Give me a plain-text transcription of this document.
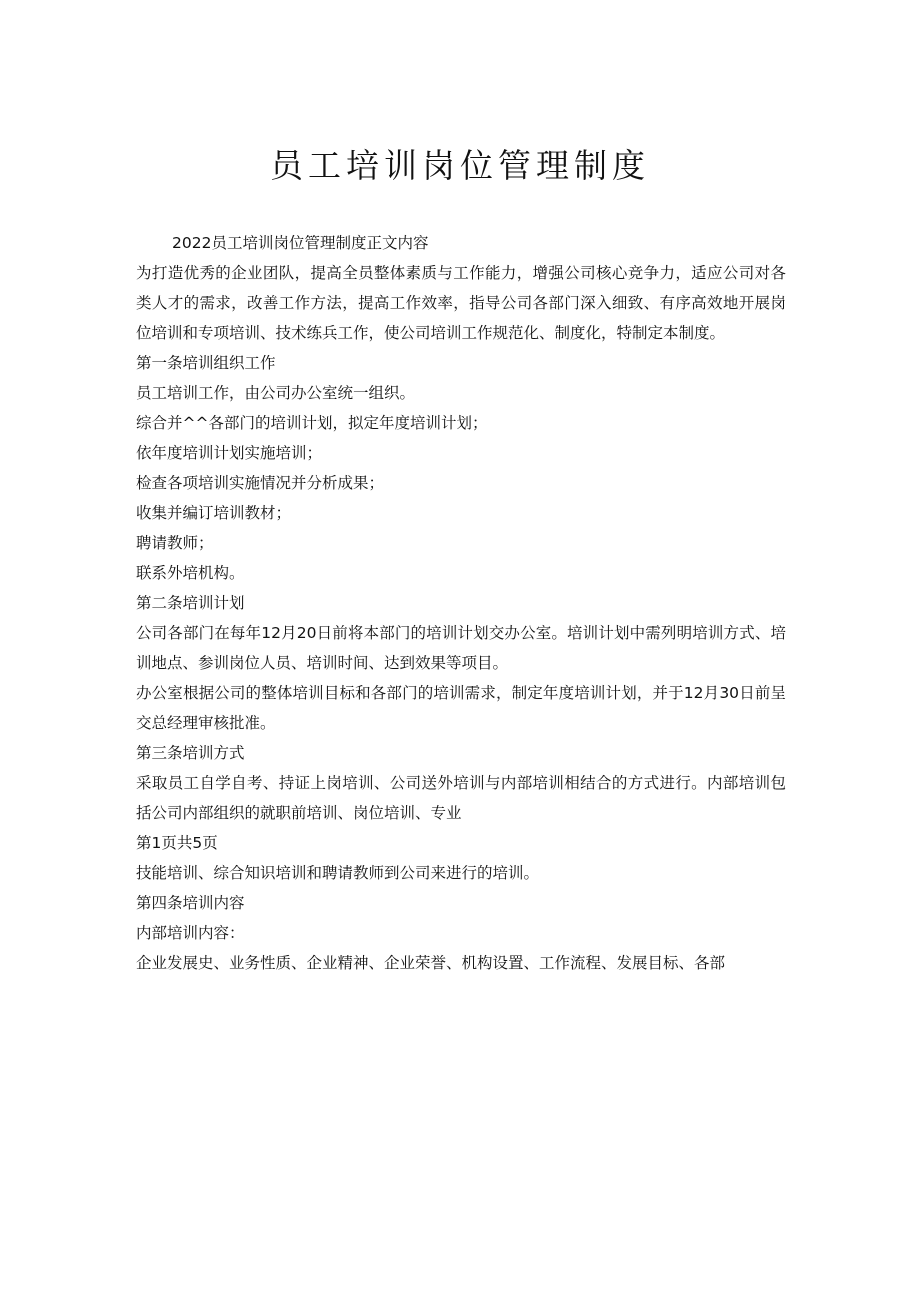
员工培训岗位管理制度

2022员工培训岗位管理制度正文内容

为打造优秀的企业团队，提高全员整体素质与工作能力，增强公司核心竞争力，适应公司对各类人才的需求，改善工作方法，提高工作效率，指导公司各部门深入细致、有序高效地开展岗位培训和专项培训、技术练兵工作，使公司培训工作规范化、制度化，特制定本制度。

第一条培训组织工作

员工培训工作，由公司办公室统一组织。

综合并^^各部门的培训计划，拟定年度培训计划；

依年度培训计划实施培训；

检查各项培训实施情况并分析成果；

收集并编订培训教材；

聘请教师；

联系外培机构。

第二条培训计划

公司各部门在每年12月20日前将本部门的培训计划交办公室。培训计划中需列明培训方式、培训地点、参训岗位人员、培训时间、达到效果等项目。

办公室根据公司的整体培训目标和各部门的培训需求，制定年度培训计划，并于12月30日前呈交总经理审核批准。

第三条培训方式

采取员工自学自考、持证上岗培训、公司送外培训与内部培训相结合的方式进行。内部培训包括公司内部组织的就职前培训、岗位培训、专业

第1页共5页

技能培训、综合知识培训和聘请教师到公司来进行的培训。

第四条培训内容

内部培训内容：

企业发展史、业务性质、企业精神、企业荣誉、机构设置、工作流程、发展目标、各部
